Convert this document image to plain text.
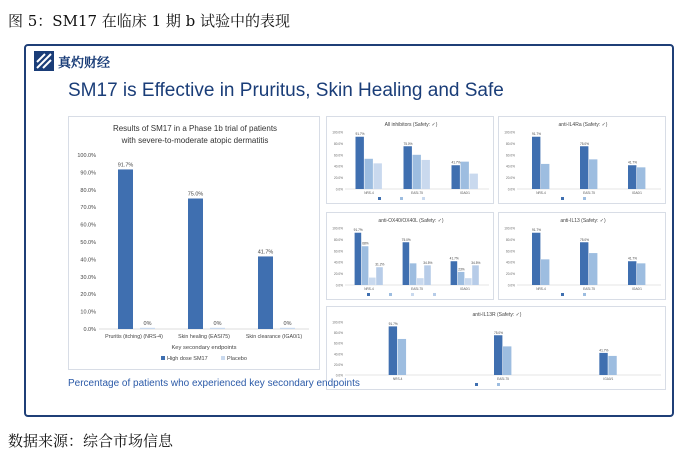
图 5：SM17 在临床 1 期 b 试验中的表现
真灼财经
SM17 is Effective in Pruritus, Skin Healing and Safe
Results of SM17 in a Phase 1b trial of patients
with severe-to-moderate atopic dermatitis
0.0%
10.0%
20.0%
30.0%
40.0%
50.0%
60.0%
70.0%
80.0%
90.0%
100.0%
91.7%
0%
Pruritis (itching) (NRS-4)
75.0%
0%
Skin healing (EASI75)
41.7%
0%
Skin clearance (IGA0/1)
Key secondary endpoints
High dose SM17	Placebo
All inhibitors (Safety: ✓)
0.0%
20.0%
40.0%
60.0%
80.0%
100.0%	91.7%
NRS-4
75.0%
EASI-75
41.7%
IGA0/1
anti-IL4Ra (Safety: ✓)
0.0%
20.0%
40.0%
60.0%
80.0%
100.0%	91.7%
NRS-4
75.0%
EASI-75
41.7%
IGA0/1
anti-OX40/OX40L (Safety: ✓)
0.0%
20.0%
40.0%
60.0%
80.0%
100.0%	91.7%
68%
31.2%
NRS-4
75.0%
34.5%
EASI-75
41.7%
23%
34.5%
IGA0/1
anti-IL13 (Safety: ✓)
0.0%
20.0%
40.0%
60.0%
80.0%
100.0%	91.7%
NRS-4
75.0%
EASI-75
41.7%
IGA0/1
anti-IL13R (Safety: ✓)
0.0%
20.0%
40.0%
60.0%
80.0%
100.0%	91.7%
NRS-4
75.0%
EASI-75
41.7%
IGA0/1
Percentage of patients who experienced key secondary endpoints
数据来源：综合市场信息
